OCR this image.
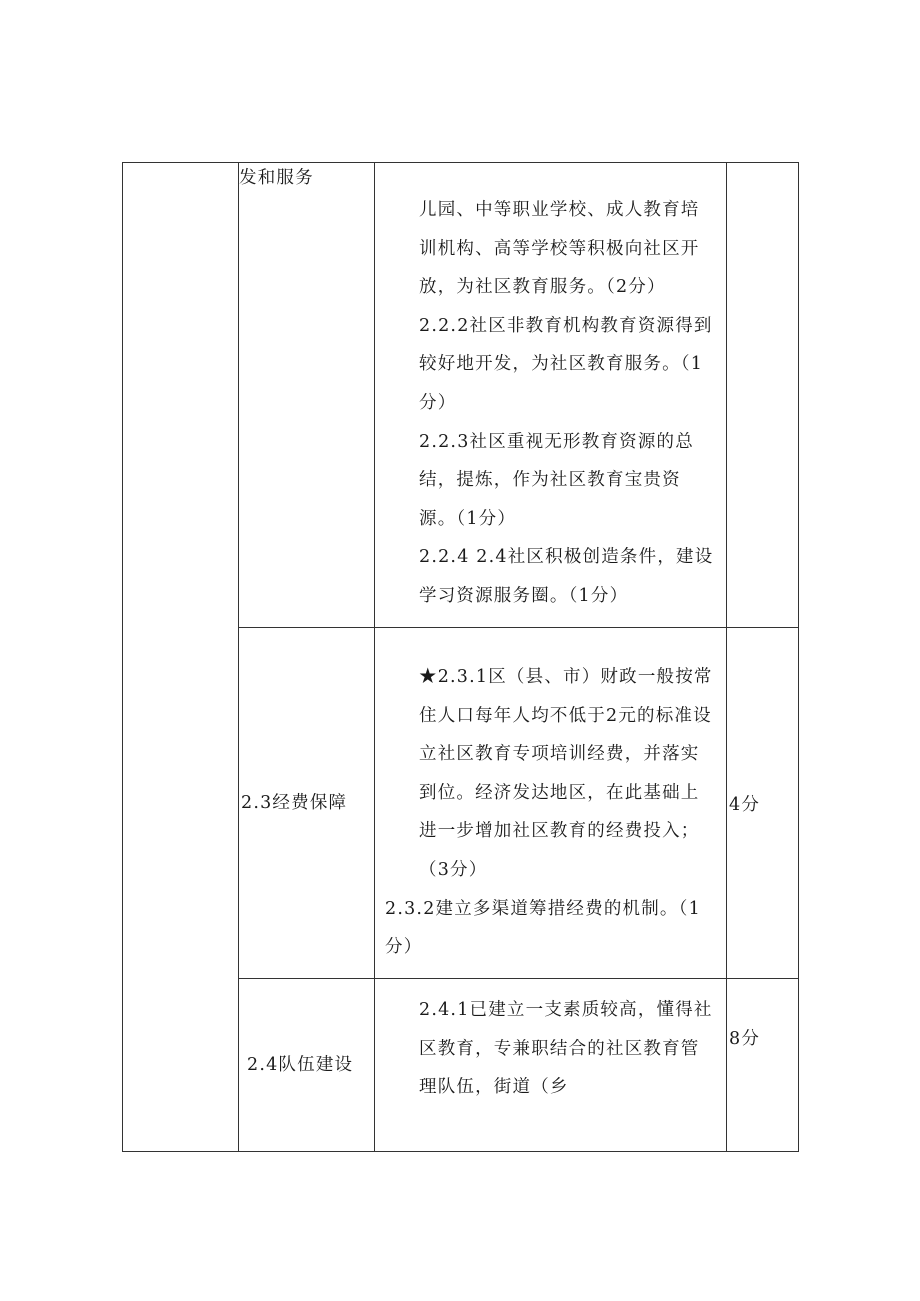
	发和服务	儿园、中等职业学校、成人教育培训机构、高等学校等积极向社区开放，为社区教育服务。（2分）

2.2.2社区非教育机构教育资源得到较好地开发，为社区教育服务。（1分）

2.2.3社区重视无形教育资源的总结，提炼，作为社区教育宝贵资源。（1分）

2.2.4 2.4社区积极创造条件，建设学习资源服务圈。（1分）	

	2.3经费保障	★2.3.1区（县、市）财政一般按常住人口每年人均不低于2元的标准设立社区教育专项培训经费，并落实到位。经济发达地区，在此基础上进一步增加社区教育的经费投入；（3分）

2.3.2建立多渠道筹措经费的机制。（1分）	4分
	2.4队伍建设	2.4.1已建立一支素质较高，懂得社区教育，专兼职结合的社区教育管理队伍，街道（乡	8分
